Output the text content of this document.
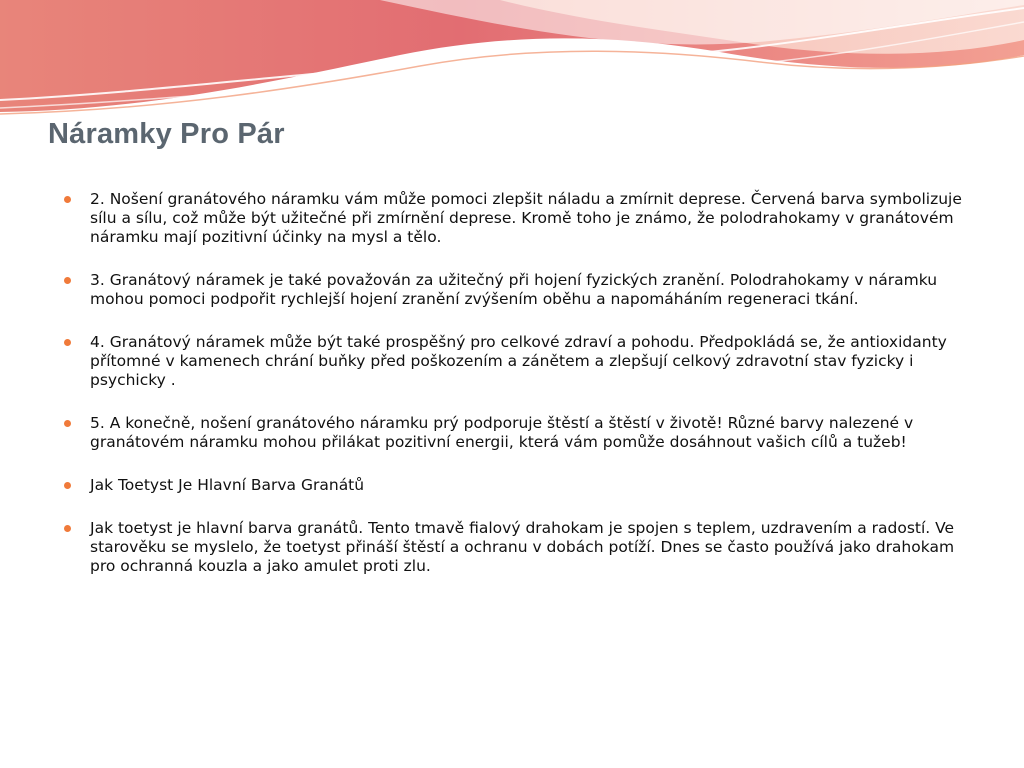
Náramky Pro Pár
2. Nošení granátového náramku vám může pomoci zlepšit náladu a zmírnit deprese. Červená barva symbolizuje sílu a sílu, což může být užitečné při zmírnění deprese. Kromě toho je známo, že polodrahokamy v granátovém náramku mají pozitivní účinky na mysl a tělo.
3. Granátový náramek je také považován za užitečný při hojení fyzických zranění. Polodrahokamy v náramku mohou pomoci podpořit rychlejší hojení zranění zvýšením oběhu a napomáháním regeneraci tkání.
4. Granátový náramek může být také prospěšný pro celkové zdraví a pohodu. Předpokládá se, že antioxidanty přítomné v kamenech chrání buňky před poškozením a zánětem a zlepšují celkový zdravotní stav fyzicky i psychicky .
5. A konečně, nošení granátového náramku prý podporuje štěstí a štěstí v životě! Různé barvy nalezené v granátovém náramku mohou přilákat pozitivní energii, která vám pomůže dosáhnout vašich cílů a tužeb!
Jak Toetyst Je Hlavní Barva Granátů
Jak toetyst je hlavní barva granátů. Tento tmavě fialový drahokam je spojen s teplem, uzdravením a radostí. Ve starověku se myslelo, že toetyst přináší štěstí a ochranu v dobách potíží. Dnes se často používá jako drahokam pro ochranná kouzla a jako amulet proti zlu.
